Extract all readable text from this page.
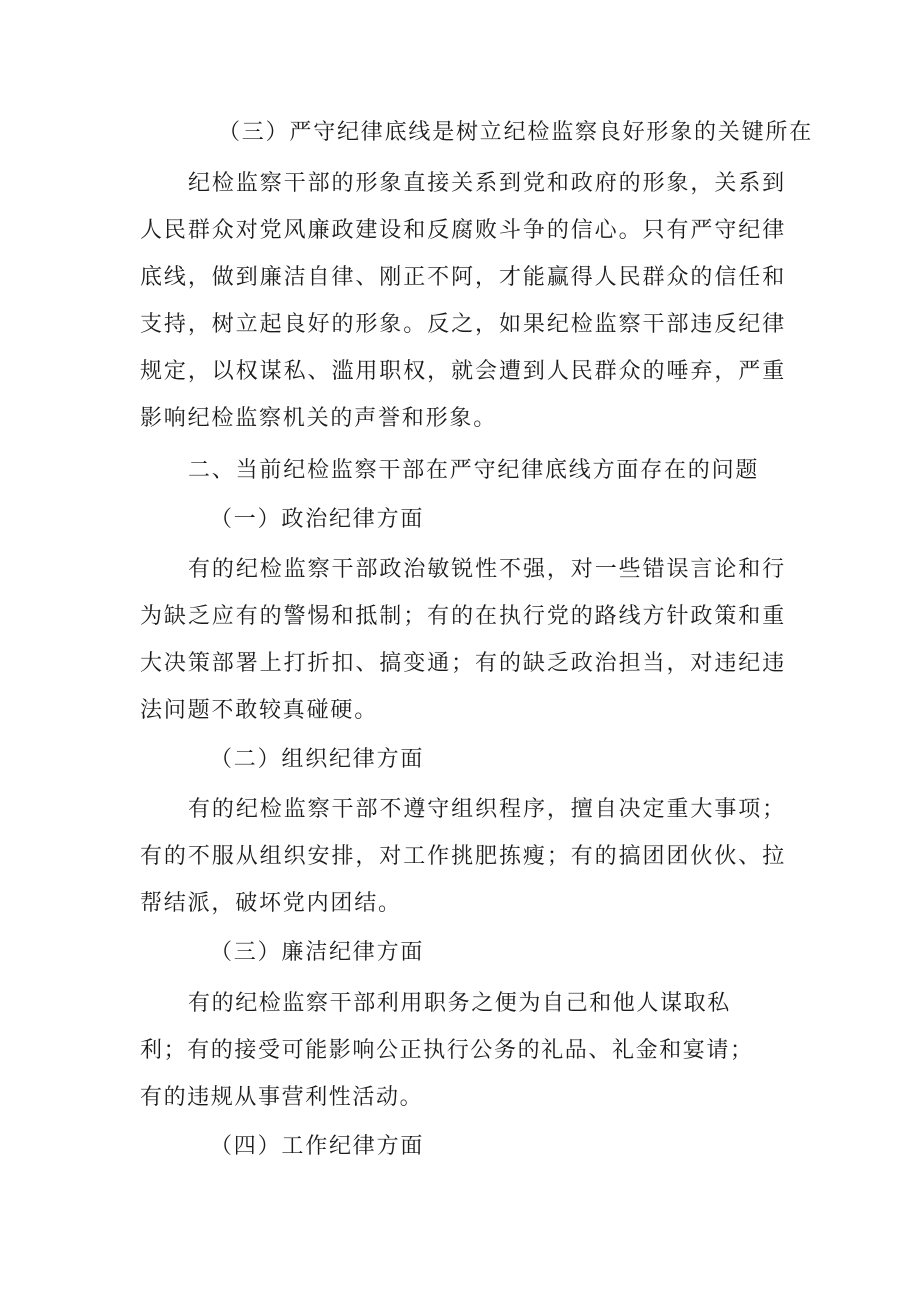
（三）严守纪律底线是树立纪检监察良好形象的关键所在
纪检监察干部的形象直接关系到党和政府的形象，关系到人民群众对党风廉政建设和反腐败斗争的信心。只有严守纪律底线，做到廉洁自律、刚正不阿，才能赢得人民群众的信任和支持，树立起良好的形象。反之，如果纪检监察干部违反纪律规定，以权谋私、滥用职权，就会遭到人民群众的唾弃，严重影响纪检监察机关的声誉和形象。
二、当前纪检监察干部在严守纪律底线方面存在的问题
（一）政治纪律方面
有的纪检监察干部政治敏锐性不强，对一些错误言论和行为缺乏应有的警惕和抵制；有的在执行党的路线方针政策和重大决策部署上打折扣、搞变通；有的缺乏政治担当，对违纪违法问题不敢较真碰硬。
（二）组织纪律方面
有的纪检监察干部不遵守组织程序，擅自决定重大事项；有的不服从组织安排，对工作挑肥拣瘦；有的搞团团伙伙、拉帮结派，破坏党内团结。
（三）廉洁纪律方面
有的纪检监察干部利用职务之便为自己和他人谋取私利；有的接受可能影响公正执行公务的礼品、礼金和宴请；有的违规从事营利性活动。
（四）工作纪律方面
